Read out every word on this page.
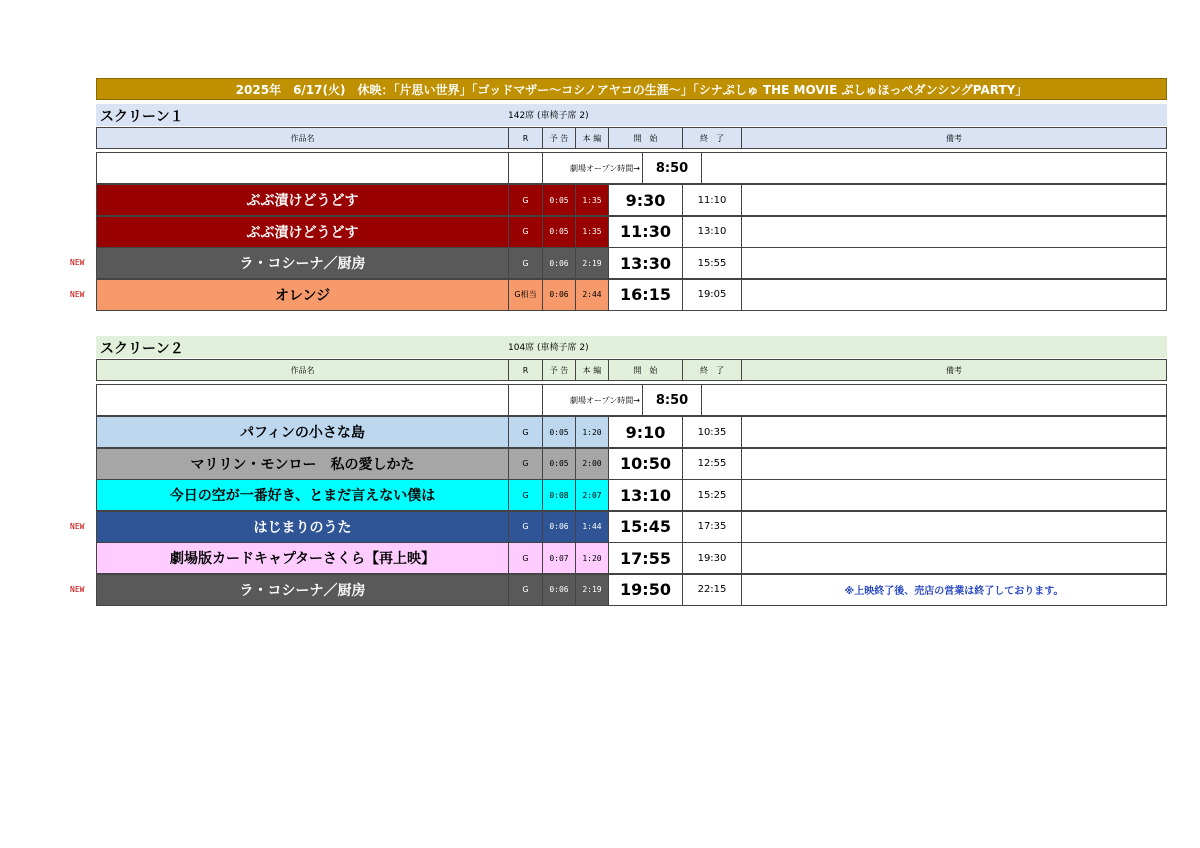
2025年　6/17(火)　休映：「片思い世界」「ゴッドマザー～コシノアヤコの生涯～」「シナぷしゅ THE MOVIE ぷしゅほっぺダンシングPARTY」
スクリーン１	142席 (車椅子席 2)
作品名	R	予 告	本 編	開　始	終　了	備考
劇場オープン時間→	8:50
ぶぶ漬けどうどす	G	0:05	1:35	9:30	11:10
ぶぶ漬けどうどす	G	0:05	1:35	11:30	13:10
NEW	ラ・コシーナ／厨房	G	0:06	2:19	13:30	15:55
NEW	オレンジ	G相当	0:06	2:44	16:15	19:05
スクリーン２	104席 (車椅子席 2)
作品名	R	予 告	本 編	開　始	終　了	備考
劇場オープン時間→	8:50
パフィンの小さな島	G	0:05	1:20	9:10	10:35
マリリン・モンロー　私の愛しかた	G	0:05	2:00	10:50	12:55
今日の空が一番好き、とまだ言えない僕は	G	0:08	2:07	13:10	15:25
NEW	はじまりのうた	G	0:06	1:44	15:45	17:35
劇場版カードキャプターさくら【再上映】	G	0:07	1:20	17:55	19:30
NEW	ラ・コシーナ／厨房	G	0:06	2:19	19:50	22:15	※上映終了後、売店の営業は終了しております。
